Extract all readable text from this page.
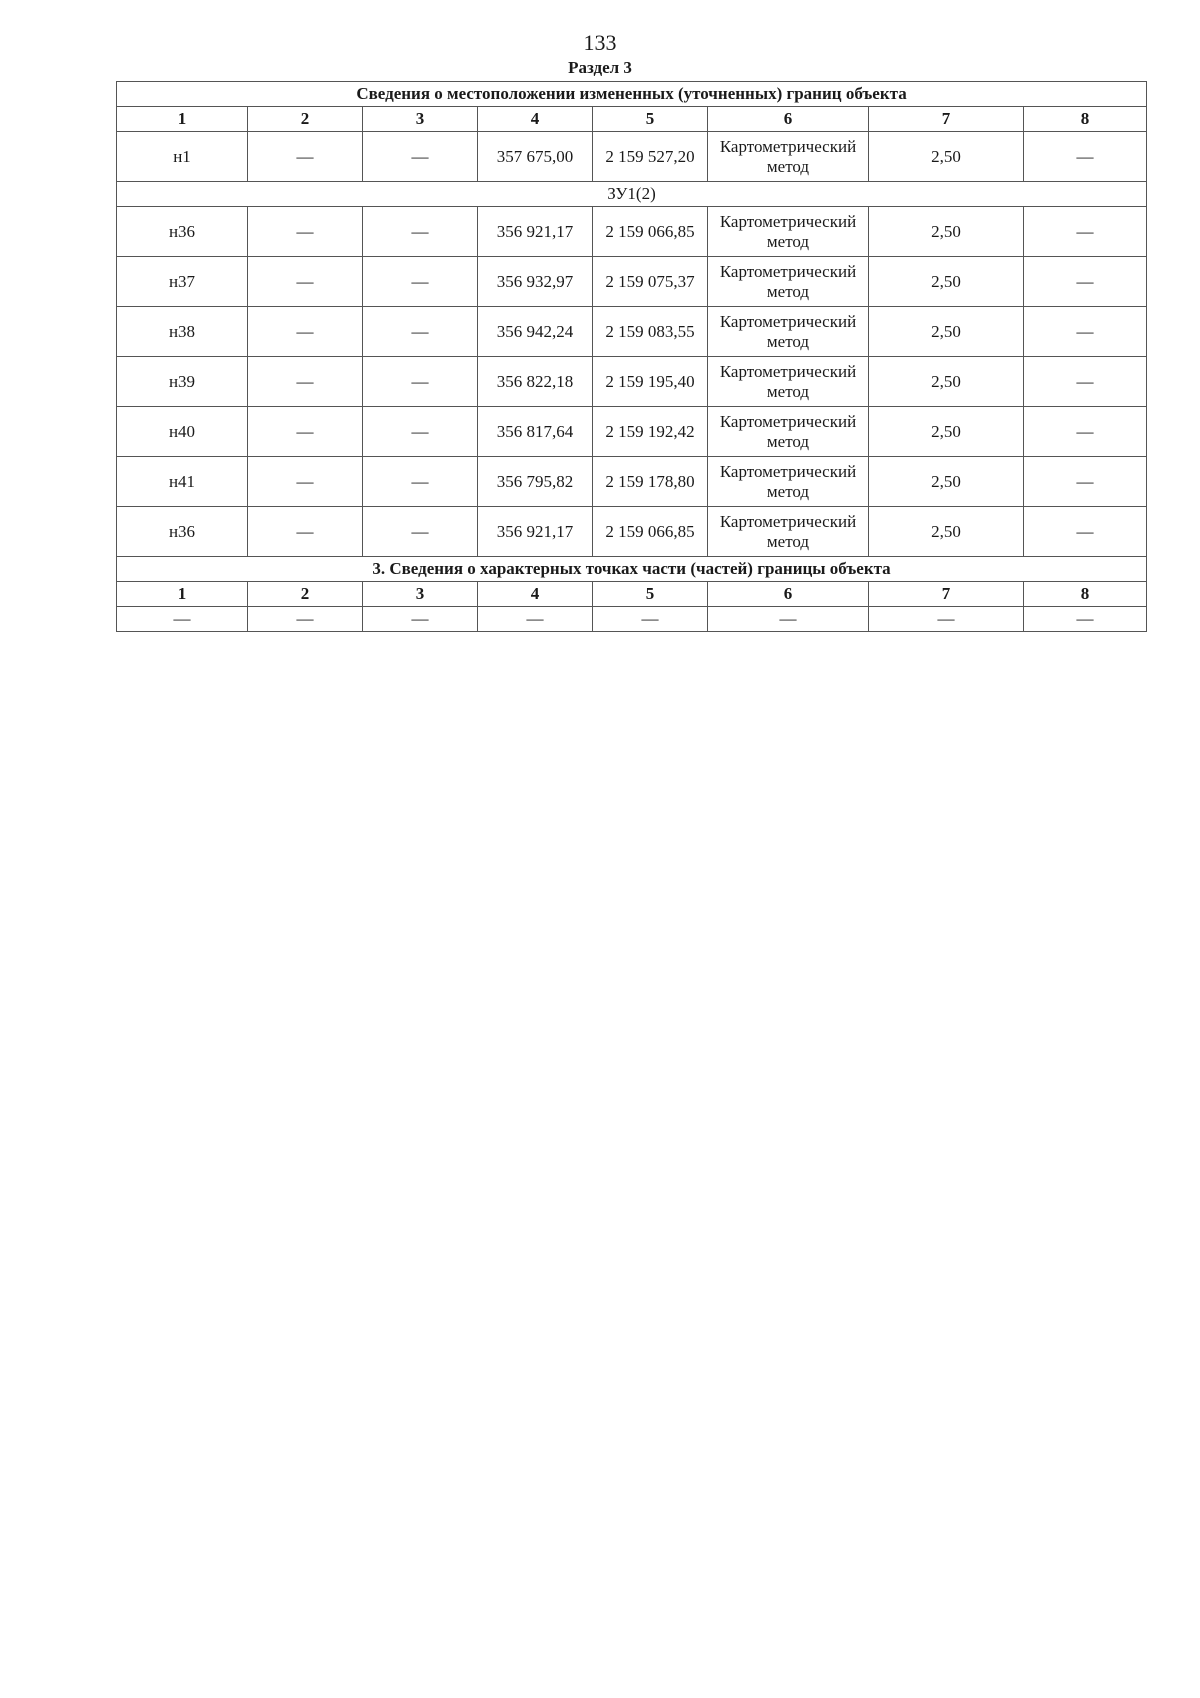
133
Раздел 3
Сведения о местоположении измененных (уточненных) границ объекта							
1	2	3	4	5	6	7	8
н1	—	—	357 675,00	2 159 527,20	Картометрический метод	2,50	—
ЗУ1(2)							
н36	—	—	356 921,17	2 159 066,85	Картометрический метод	2,50	—
н37	—	—	356 932,97	2 159 075,37	Картометрический метод	2,50	—
н38	—	—	356 942,24	2 159 083,55	Картометрический метод	2,50	—
н39	—	—	356 822,18	2 159 195,40	Картометрический метод	2,50	—
н40	—	—	356 817,64	2 159 192,42	Картометрический метод	2,50	—
н41	—	—	356 795,82	2 159 178,80	Картометрический метод	2,50	—
н36	—	—	356 921,17	2 159 066,85	Картометрический метод	2,50	—
3. Сведения о характерных точках части (частей) границы объекта							
1	2	3	4	5	6	7	8
—	—	—	—	—	—	—	—
